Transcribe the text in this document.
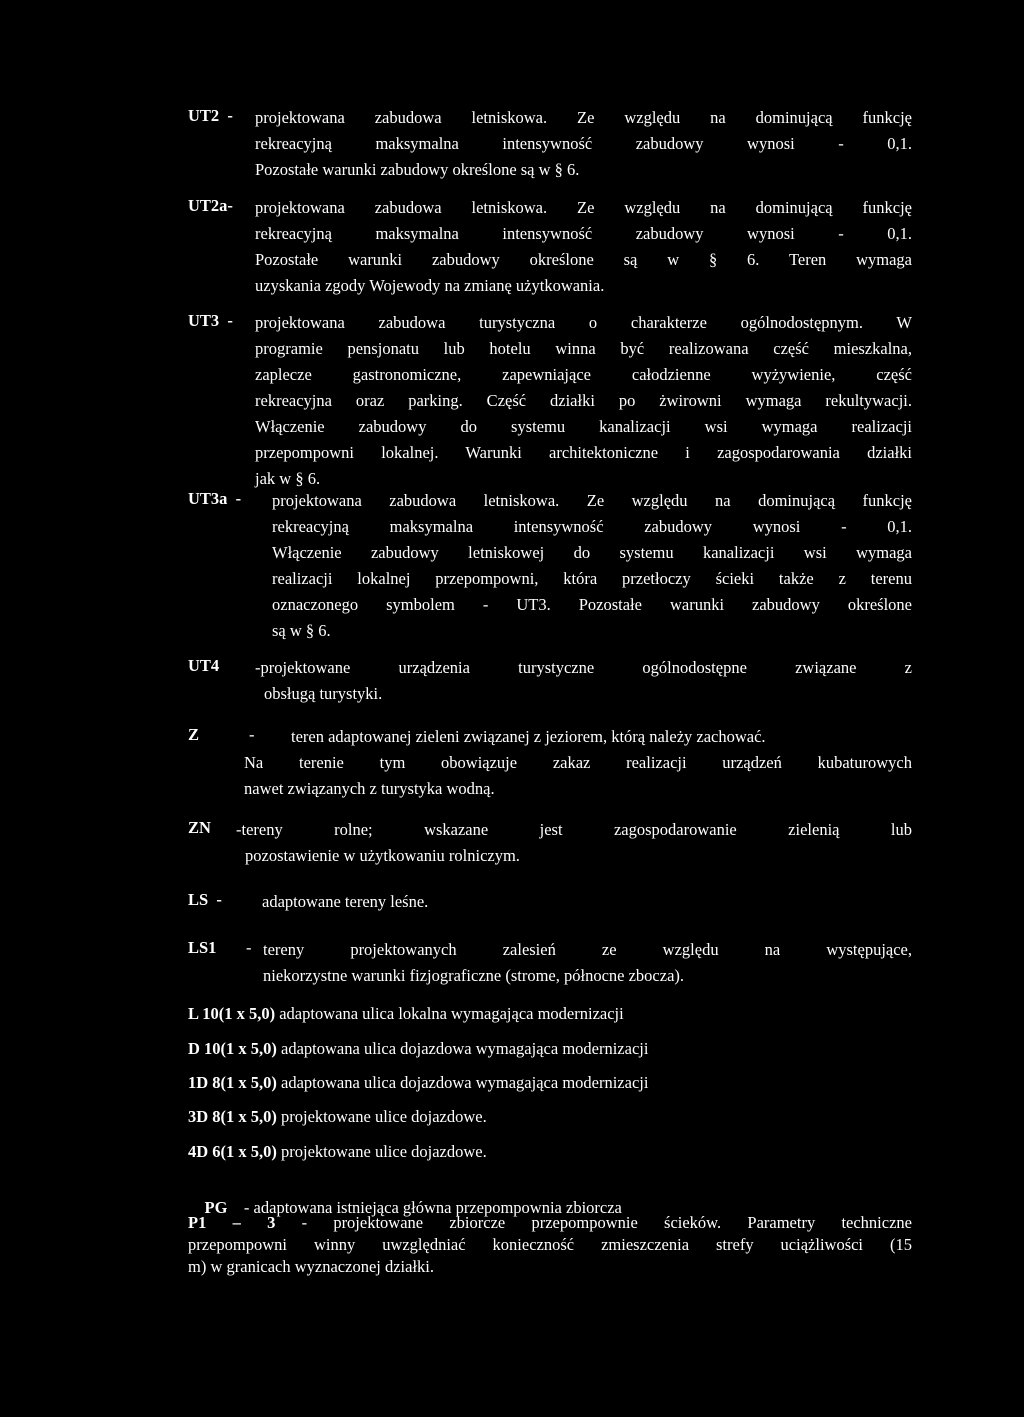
UT2  - projektowana zabudowa letniskowa. Ze względu na dominującą funkcję
rekreacyjną maksymalna intensywność zabudowy wynosi - 0,1.
Pozostałe warunki zabudowy określone są w § 6.
UT2a- projektowana zabudowa letniskowa. Ze względu na dominującą funkcję
rekreacyjną maksymalna intensywność zabudowy wynosi - 0,1.
Pozostałe warunki zabudowy określone są w § 6. Teren wymaga
uzyskania zgody Wojewody na zmianę użytkowania.
UT3  - projektowana zabudowa turystyczna o charakterze ogólnodostępnym. W
programie pensjonatu lub hotelu winna być realizowana część mieszkalna,
zaplecze gastronomiczne, zapewniające całodzienne wyżywienie, część
rekreacyjna oraz parking. Część działki po żwirowni wymaga rekultywacji.
Włączenie zabudowy do systemu kanalizacji wsi wymaga realizacji
przepompowni lokalnej. Warunki architektoniczne i zagospodarowania działki
jak w § 6.
UT3a  - projektowana zabudowa letniskowa. Ze względu na dominującą funkcję
rekreacyjną maksymalna intensywność zabudowy wynosi - 0,1.
Włączenie zabudowy letniskowej do systemu kanalizacji wsi wymaga
realizacji lokalnej przepompowni, która przetłoczy ścieki także z terenu
oznaczonego symbolem - UT3. Pozostałe warunki zabudowy określone
są w § 6.
UT4 -projektowane urządzenia turystyczne ogólnodostępne związane z
obsługą turystyki.
Z	-	teren adaptowanej zieleni związanej z jeziorem, którą należy zachować.
Na terenie tym obowiązuje zakaz realizacji urządzeń kubaturowych
nawet związanych z turystyka wodną.
ZN -tereny rolne; wskazane jest zagospodarowanie zielenią lub
pozostawienie w użytkowaniu rolniczym.
LS  - adaptowane tereny leśne.
LS1 - tereny projektowanych zalesień ze względu na występujące,
niekorzystne warunki fizjograficzne (strome, północne zbocza).
L 10(1 x 5,0) adaptowana ulica lokalna wymagająca modernizacji
D 10(1 x 5,0) adaptowana ulica dojazdowa wymagająca modernizacji
1D 8(1 x 5,0) adaptowana ulica dojazdowa wymagająca modernizacji
3D 8(1 x 5,0) projektowane ulice dojazdowe.
4D 6(1 x 5,0) projektowane ulice dojazdowe.

PG    - adaptowana istniejąca główna przepompownia zbiorcza

P1 – 3 - projektowane zbiorcze przepompownie ścieków. Parametry techniczne
przepompowni winny uwzględniać konieczność zmieszczenia strefy uciążliwości (15
m) w granicach wyznaczonej działki.
